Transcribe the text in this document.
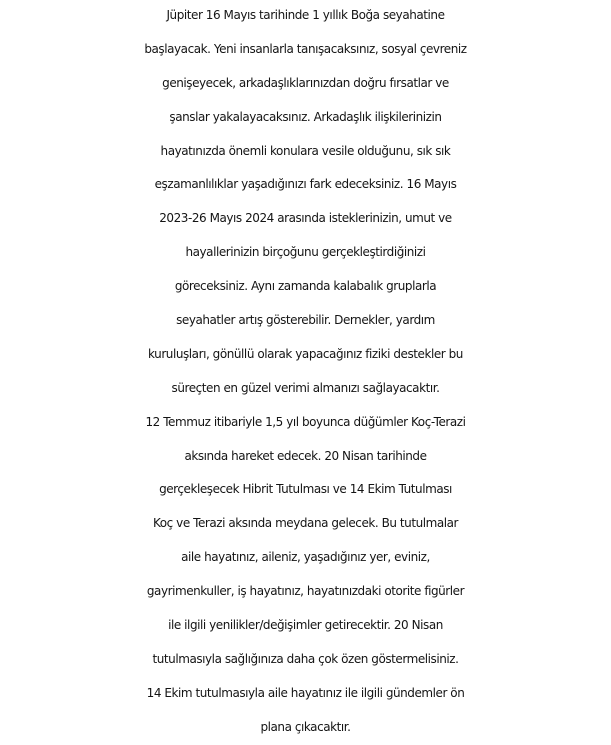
Jüpiter 16 Mayıs tarihinde 1 yıllık Boğa seyahatine
başlayacak. Yeni insanlarla tanışacaksınız, sosyal çevreniz
genişeyecek, arkadaşlıklarınızdan doğru fırsatlar ve
şanslar yakalayacaksınız. Arkadaşlık ilişkilerinizin
hayatınızda önemli konulara vesile olduğunu, sık sık
eşzamanlılıklar yaşadığınızı fark edeceksiniz. 16 Mayıs
2023-26 Mayıs 2024 arasında isteklerinizin, umut ve
hayallerinizin birçoğunu gerçekleştirdiğinizi
göreceksiniz. Aynı zamanda kalabalık gruplarla
seyahatler artış gösterebilir. Dernekler, yardım
kuruluşları, gönüllü olarak yapacağınız fiziki destekler bu
süreçten en güzel verimi almanızı sağlayacaktır.
12 Temmuz itibariyle 1,5 yıl boyunca düğümler Koç-Terazi
aksında hareket edecek. 20 Nisan tarihinde
gerçekleşecek Hibrit Tutulması ve 14 Ekim Tutulması
Koç ve Terazi aksında meydana gelecek. Bu tutulmalar
aile hayatınız, aileniz, yaşadığınız yer, eviniz,
gayrimenkuller, iş hayatınız, hayatınızdaki otorite figürler
ile ilgili yenilikler/değişimler getirecektir. 20 Nisan
tutulmasıyla sağlığınıza daha çok özen göstermelisiniz.
14 Ekim tutulmasıyla aile hayatınız ile ilgili gündemler ön
plana çıkacaktır.
